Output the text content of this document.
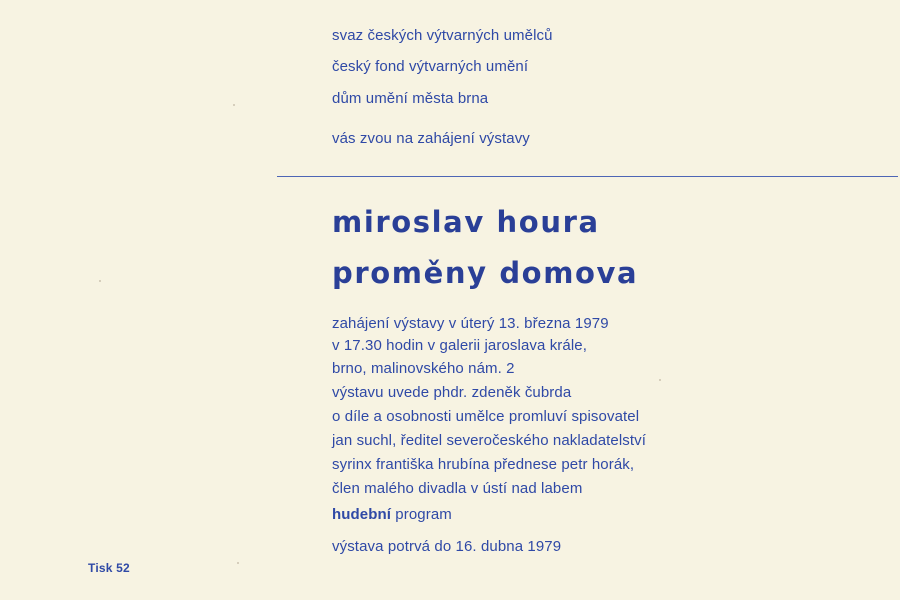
svaz českých výtvarných umělců
český fond výtvarných umění
dům umění města brna
vás zvou na zahájení výstavy
miroslav houra
proměny domova
zahájení výstavy v úterý 13. března 1979
v 17.30 hodin v galerii jaroslava krále,
brno, malinovského nám. 2
výstavu uvede phdr. zdeněk čubrda
o díle a osobnosti umělce promluví spisovatel
jan suchl, ředitel severočeského nakladatelství
syrinx františka hrubína přednese petr horák,
člen malého divadla v ústí nad labem
hudební program
výstava potrvá do 16. dubna 1979
Tisk 52
